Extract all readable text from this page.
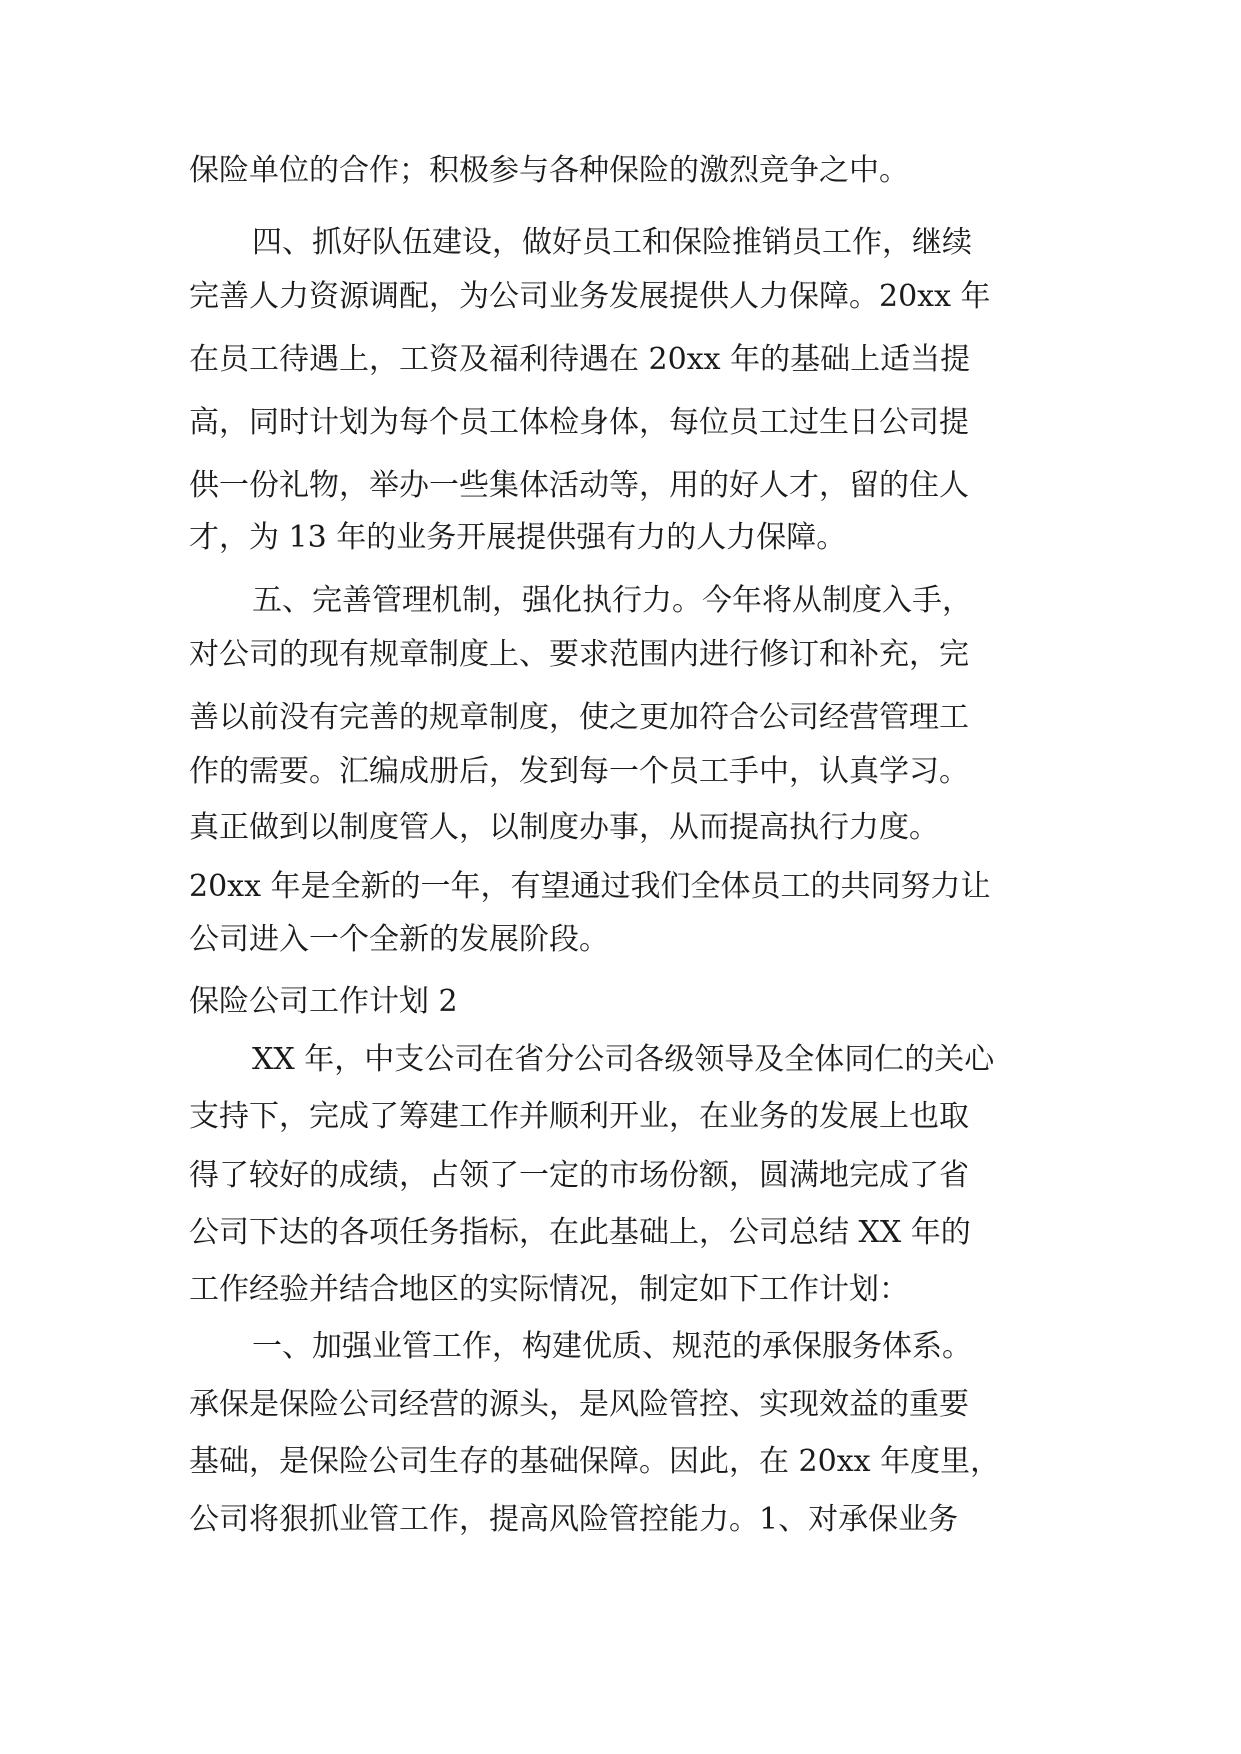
保险单位的合作；积极参与各种保险的激烈竞争之中。
四、抓好队伍建设，做好员工和保险推销员工作，继续
完善人力资源调配，为公司业务发展提供人力保障。20xx 年
在员工待遇上，工资及福利待遇在 20xx 年的基础上适当提
高，同时计划为每个员工体检身体，每位员工过生日公司提
供一份礼物，举办一些集体活动等，用的好人才，留的住人
才，为 13 年的业务开展提供强有力的人力保障。
五、完善管理机制，强化执行力。今年将从制度入手，
对公司的现有规章制度上、要求范围内进行修订和补充，完
善以前没有完善的规章制度，使之更加符合公司经营管理工
作的需要。汇编成册后，发到每一个员工手中，认真学习。
真正做到以制度管人，以制度办事，从而提高执行力度。
20xx 年是全新的一年，有望通过我们全体员工的共同努力让
公司进入一个全新的发展阶段。
保险公司工作计划 2
XX 年，中支公司在省分公司各级领导及全体同仁的关心
支持下，完成了筹建工作并顺利开业，在业务的发展上也取
得了较好的成绩，占领了一定的市场份额，圆满地完成了省
公司下达的各项任务指标，在此基础上，公司总结 XX 年的
工作经验并结合地区的实际情况，制定如下工作计划：
一、加强业管工作，构建优质、规范的承保服务体系。
承保是保险公司经营的源头，是风险管控、实现效益的重要
基础，是保险公司生存的基础保障。因此，在 20xx 年度里，
公司将狠抓业管工作，提高风险管控能力。1、对承保业务
